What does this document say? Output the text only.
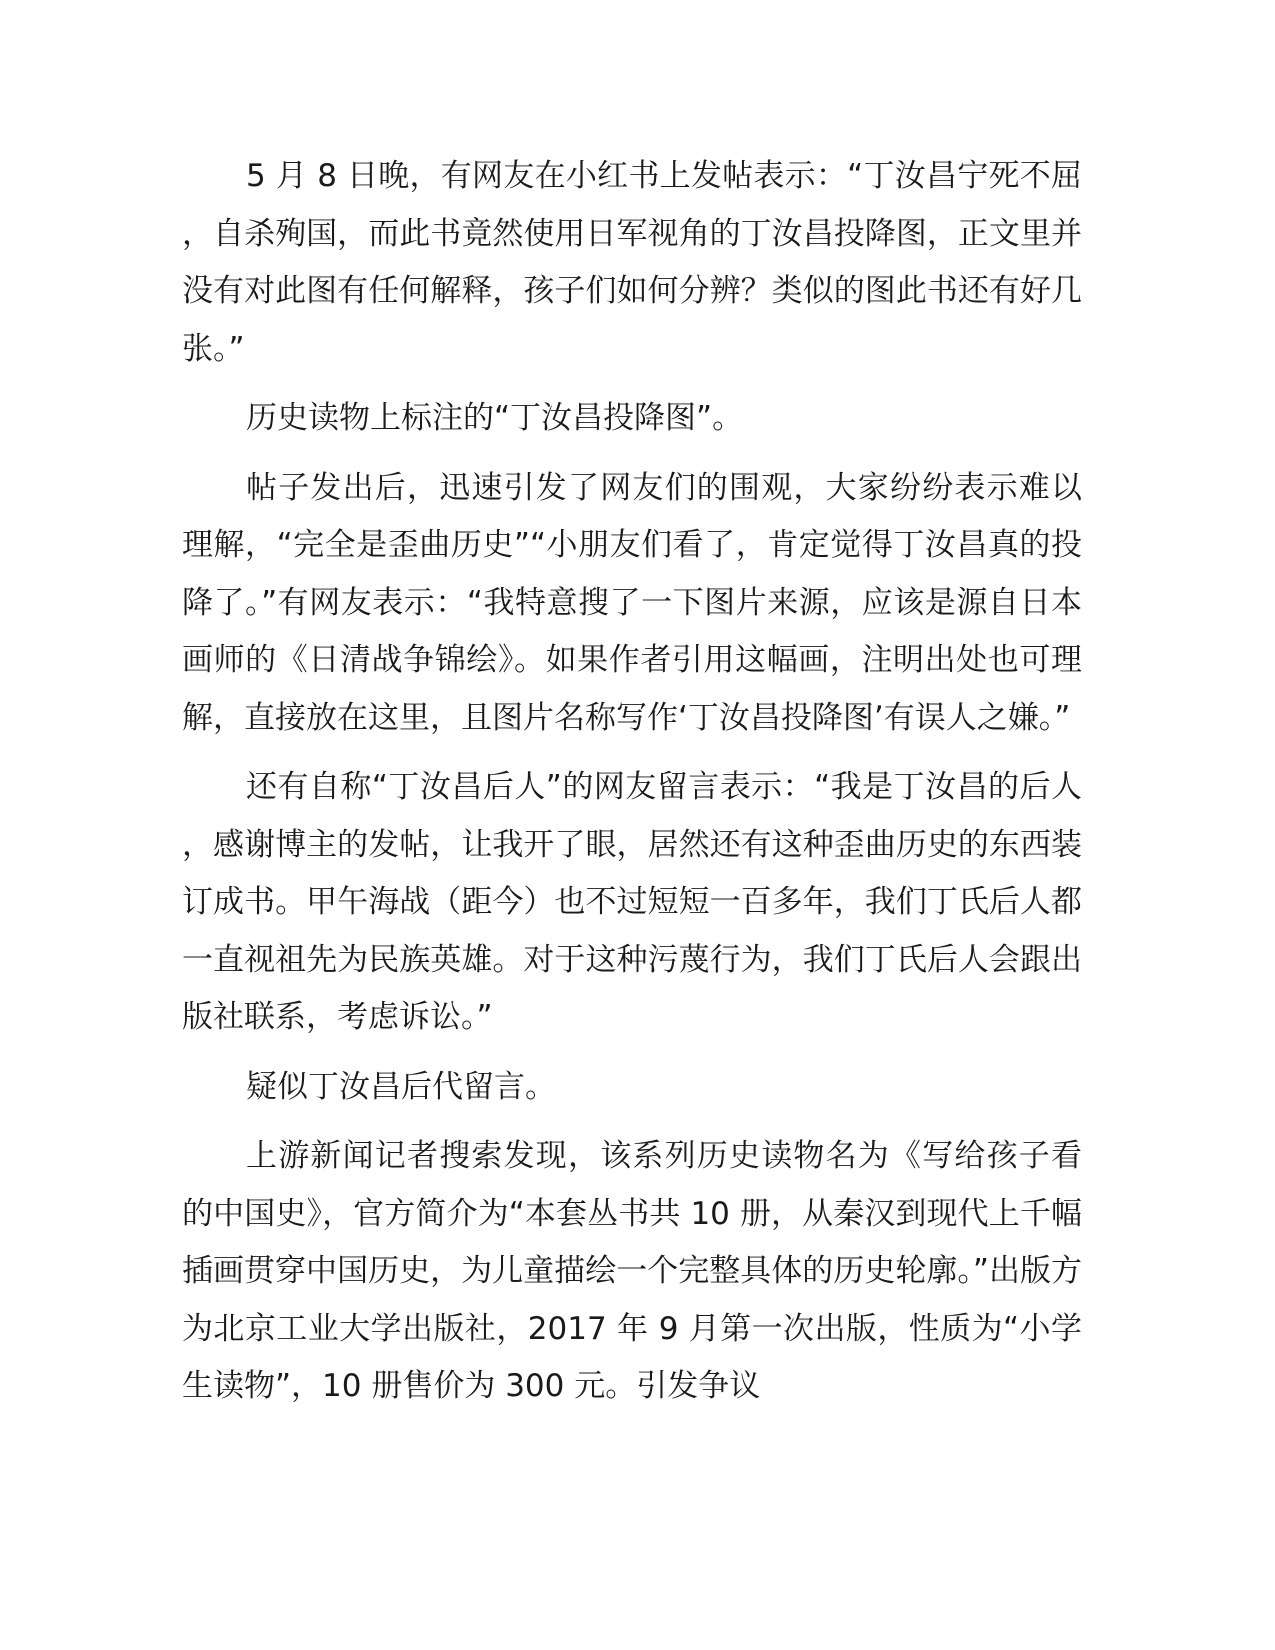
5 月 8 日晚，有网友在小红书上发帖表示：“丁汝昌宁死不屈，自杀殉国，而此书竟然使用日军视角的丁汝昌投降图，正文里并没有对此图有任何解释，孩子们如何分辨？类似的图此书还有好几张。”

历史读物上标注的“丁汝昌投降图”。

帖子发出后，迅速引发了网友们的围观，大家纷纷表示难以理解，“完全是歪曲历史”“小朋友们看了，肯定觉得丁汝昌真的投降了。”有网友表示：“我特意搜了一下图片来源，应该是源自日本画师的《日清战争锦绘》。如果作者引用这幅画，注明出处也可理解，直接放在这里，且图片名称写作‘丁汝昌投降图’有误人之嫌。”

还有自称“丁汝昌后人”的网友留言表示：“我是丁汝昌的后人，感谢博主的发帖，让我开了眼，居然还有这种歪曲历史的东西装订成书。甲午海战（距今）也不过短短一百多年，我们丁氏后人都一直视祖先为民族英雄。对于这种污蔑行为，我们丁氏后人会跟出版社联系，考虑诉讼。”

疑似丁汝昌后代留言。

上游新闻记者搜索发现，该系列历史读物名为《写给孩子看的中国史》，官方简介为“本套丛书共 10 册，从秦汉到现代上千幅插画贯穿中国历史，为儿童描绘一个完整具体的历史轮廓。”出版方为北京工业大学出版社，2017 年 9 月第一次出版，性质为“小学生读物”，10 册售价为 300 元。引发争议
